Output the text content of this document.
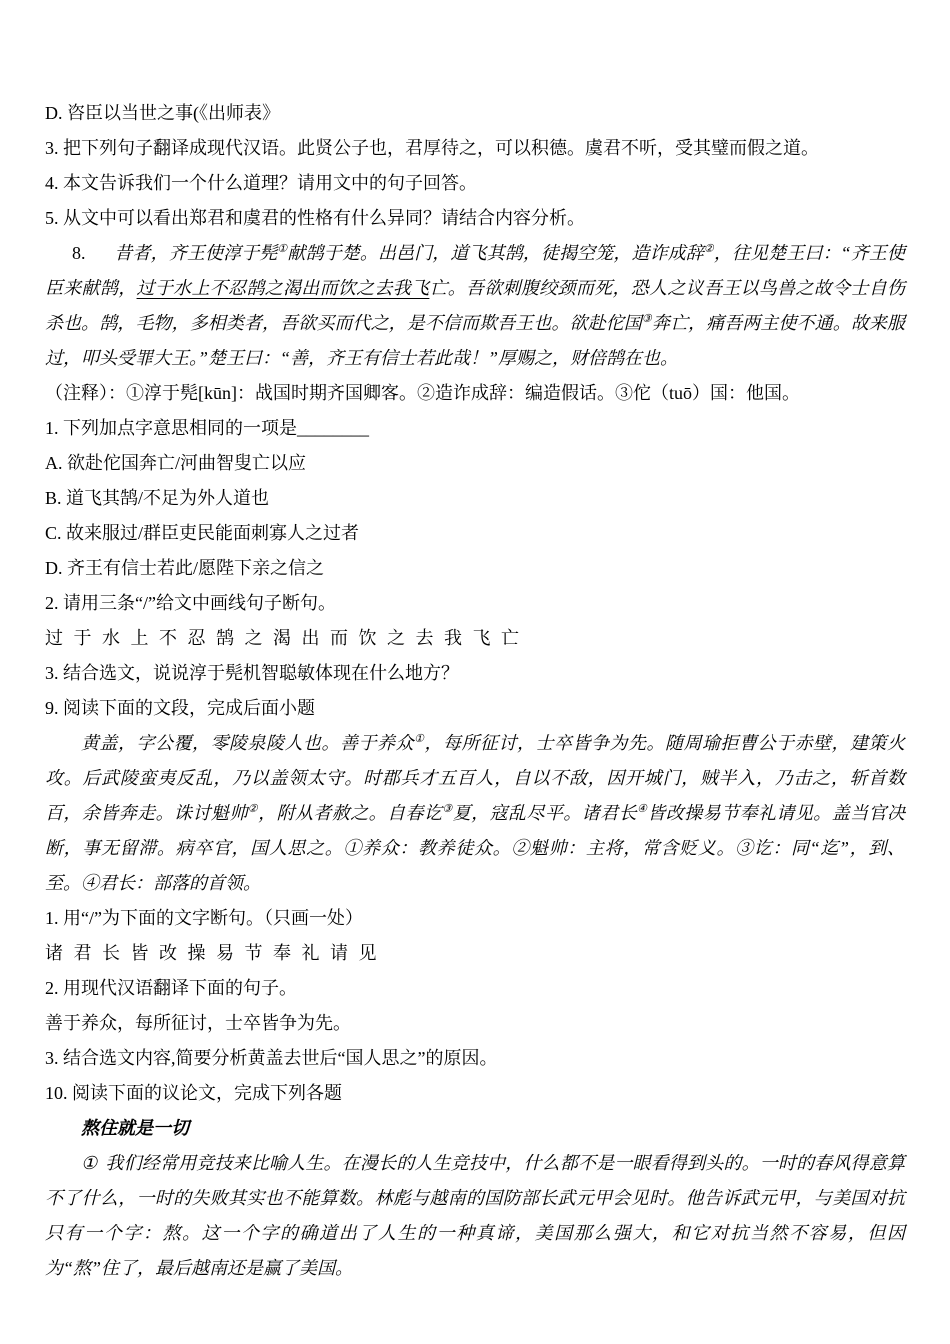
D. 咨臣以当世之事(《出师表》

3. 把下列句子翻译成现代汉语。此贤公子也，君厚待之，可以积德。虞君不听，受其璧而假之道。

4. 本文告诉我们一个什么道理？请用文中的句子回答。

5. 从文中可以看出郑君和虞君的性格有什么异同？请结合内容分析。

8. 昔者，齐王使淳于髡①献鹄于楚。出邑门，道飞其鹄，徒揭空笼，造诈成辞②，往见楚王曰：“齐王使臣来献鹄，过于水上不忍鹄之渴出而饮之去我飞亡。吾欲刺腹绞颈而死，恐人之议吾王以鸟兽之故令士自伤杀也。鹄，毛物，多相类者，吾欲买而代之，是不信而欺吾王也。欲赴佗国③奔亡，痛吾两主使不通。故来服过，叩头受罪大王。”楚王曰：“善，齐王有信士若此哉！”厚赐之，财倍鹄在也。

（注释）：①淳于髡[kūn]：战国时期齐国卿客。②造诈成辞：编造假话。③佗（tuō）国：他国。

1. 下列加点字意思相同的一项是________

A. 欲赴佗国奔亡/河曲智叟亡以应

B. 道飞其鹄/不足为外人道也

C. 故来服过/群臣吏民能面刺寡人之过者

D. 齐王有信士若此/愿陛下亲之信之

2. 请用三条“/”给文中画线句子断句。

过 于 水 上 不 忍 鹄 之 渴 出 而 饮 之 去 我 飞 亡

3. 结合选文，说说淳于髡机智聪敏体现在什么地方？

9. 阅读下面的文段，完成后面小题

黄盖，字公覆，零陵泉陵人也。善于养众①，每所征讨，士卒皆争为先。随周瑜拒曹公于赤壁，建策火攻。后武陵蛮夷反乱，乃以盖领太守。时郡兵才五百人，自以不敌，因开城门，贼半入，乃击之，斩首数百，余皆奔走。诛讨魁帅②，附从者赦之。自春讫③夏，寇乱尽平。诸君长④皆改操易节奉礼请见。盖当官决断，事无留滞。病卒官，国人思之。①养众：教养徒众。②魁帅：主将，常含贬义。③讫：同“迄”，到、至。④君长：部落的首领。

1. 用“/”为下面的文字断句。（只画一处）

诸 君 长 皆 改 操 易 节 奉 礼 请 见

2. 用现代汉语翻译下面的句子。

善于养众，每所征讨，士卒皆争为先。

3. 结合选文内容,简要分析黄盖去世后“国人思之”的原因。

10. 阅读下面的议论文，完成下列各题

熬住就是一切

① 我们经常用竞技来比喻人生。在漫长的人生竞技中，什么都不是一眼看得到头的。一时的春风得意算不了什么，一时的失败其实也不能算数。林彪与越南的国防部长武元甲会见时。他告诉武元甲，与美国对抗只有一个字：熬。这一个字的确道出了人生的一种真谛，美国那么强大，和它对抗当然不容易，但因为“熬”住了，最后越南还是赢了美国。
